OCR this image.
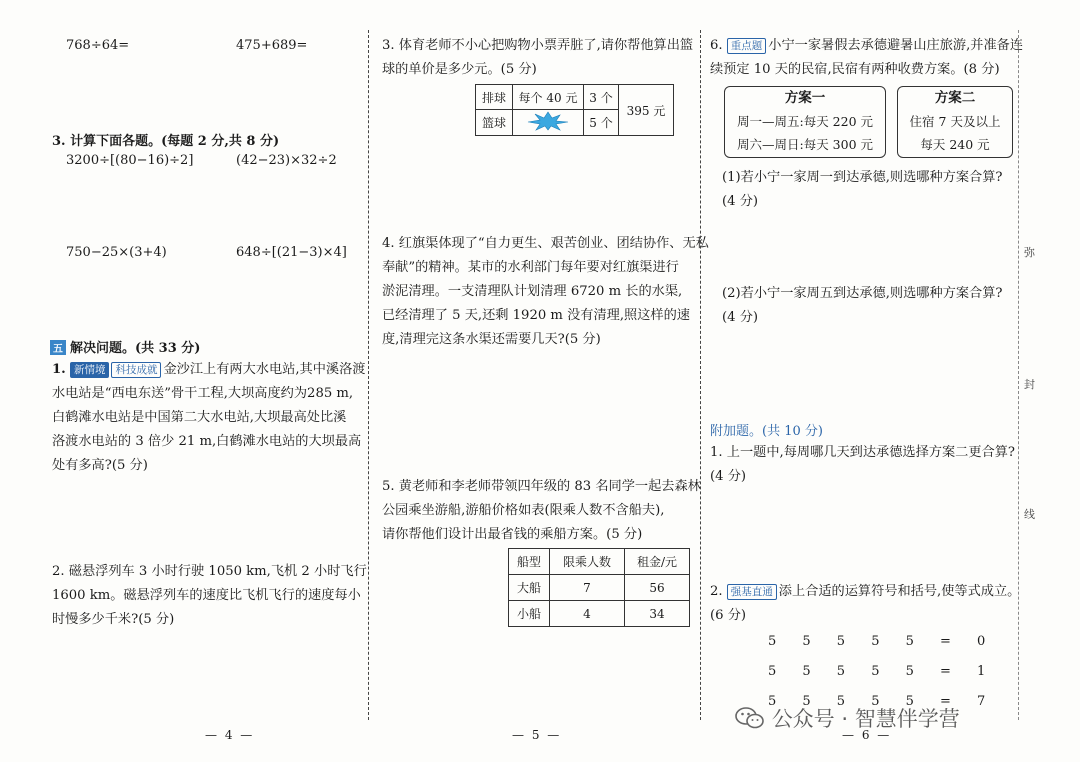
768÷64=	475+689=
3. 计算下面各题。(每题 2 分,共 8 分)
3200÷[(80−16)÷2]	(42−23)×32÷2
750−25×(3+4)	648÷[(21−3)×4]
五 解决问题。(共 33 分)
1. 新情境 科技成就 金沙江上有两大水电站,其中溪洛渡
水电站是“西电东送”骨干工程,大坝高度约为285 m,
白鹤滩水电站是中国第二大水电站,大坝最高处比溪
洛渡水电站的 3 倍少 21 m,白鹤滩水电站的大坝最高
处有多高?(5 分)
2. 磁悬浮列车 3 小时行驶 1050 km,飞机 2 小时飞行
1600 km。磁悬浮列车的速度比飞机飞行的速度每小
时慢多少千米?(5 分)
— 4 —
3. 体育老师不小心把购物小票弄脏了,请你帮他算出篮
球的单价是多少元。(5 分)
排球	每个 40 元	3 个	395 元
篮球		5 个	
4. 红旗渠体现了“自力更生、艰苦创业、团结协作、无私
奉献”的精神。某市的水利部门每年要对红旗渠进行
淤泥清理。一支清理队计划清理 6720 m 长的水渠,
已经清理了 5 天,还剩 1920 m 没有清理,照这样的速
度,清理完这条水渠还需要几天?(5 分)
5. 黄老师和李老师带领四年级的 83 名同学一起去森林
公园乘坐游船,游船价格如表(限乘人数不含船夫),
请你帮他们设计出最省钱的乘船方案。(5 分)
船型	限乘人数	租金/元
大船	7	56
小船	4	34
— 5 —
6. 重点题 小宁一家暑假去承德避暑山庄旅游,并准备连
续预定 10 天的民宿,民宿有两种收费方案。(8 分)
方案一
周一—周五:每天 220 元
周六—周日:每天 300 元
方案二
住宿 7 天及以上
每天 240 元
(1)若小宁一家周一到达承德,则选哪种方案合算?
(4 分)
(2)若小宁一家周五到达承德,则选哪种方案合算?
(4 分)
附加题。(共 10 分)
1. 上一题中,每周哪几天到达承德选择方案二更合算?
(4 分)
2. 强基直通 添上合适的运算符号和括号,使等式成立。
(6 分)
5 5 5 5 5 = 0
5 5 5 5 5 = 1
5 5 5 5 5 = 7
— 6 —
弥
封
线
公众号 · 智慧伴学营
